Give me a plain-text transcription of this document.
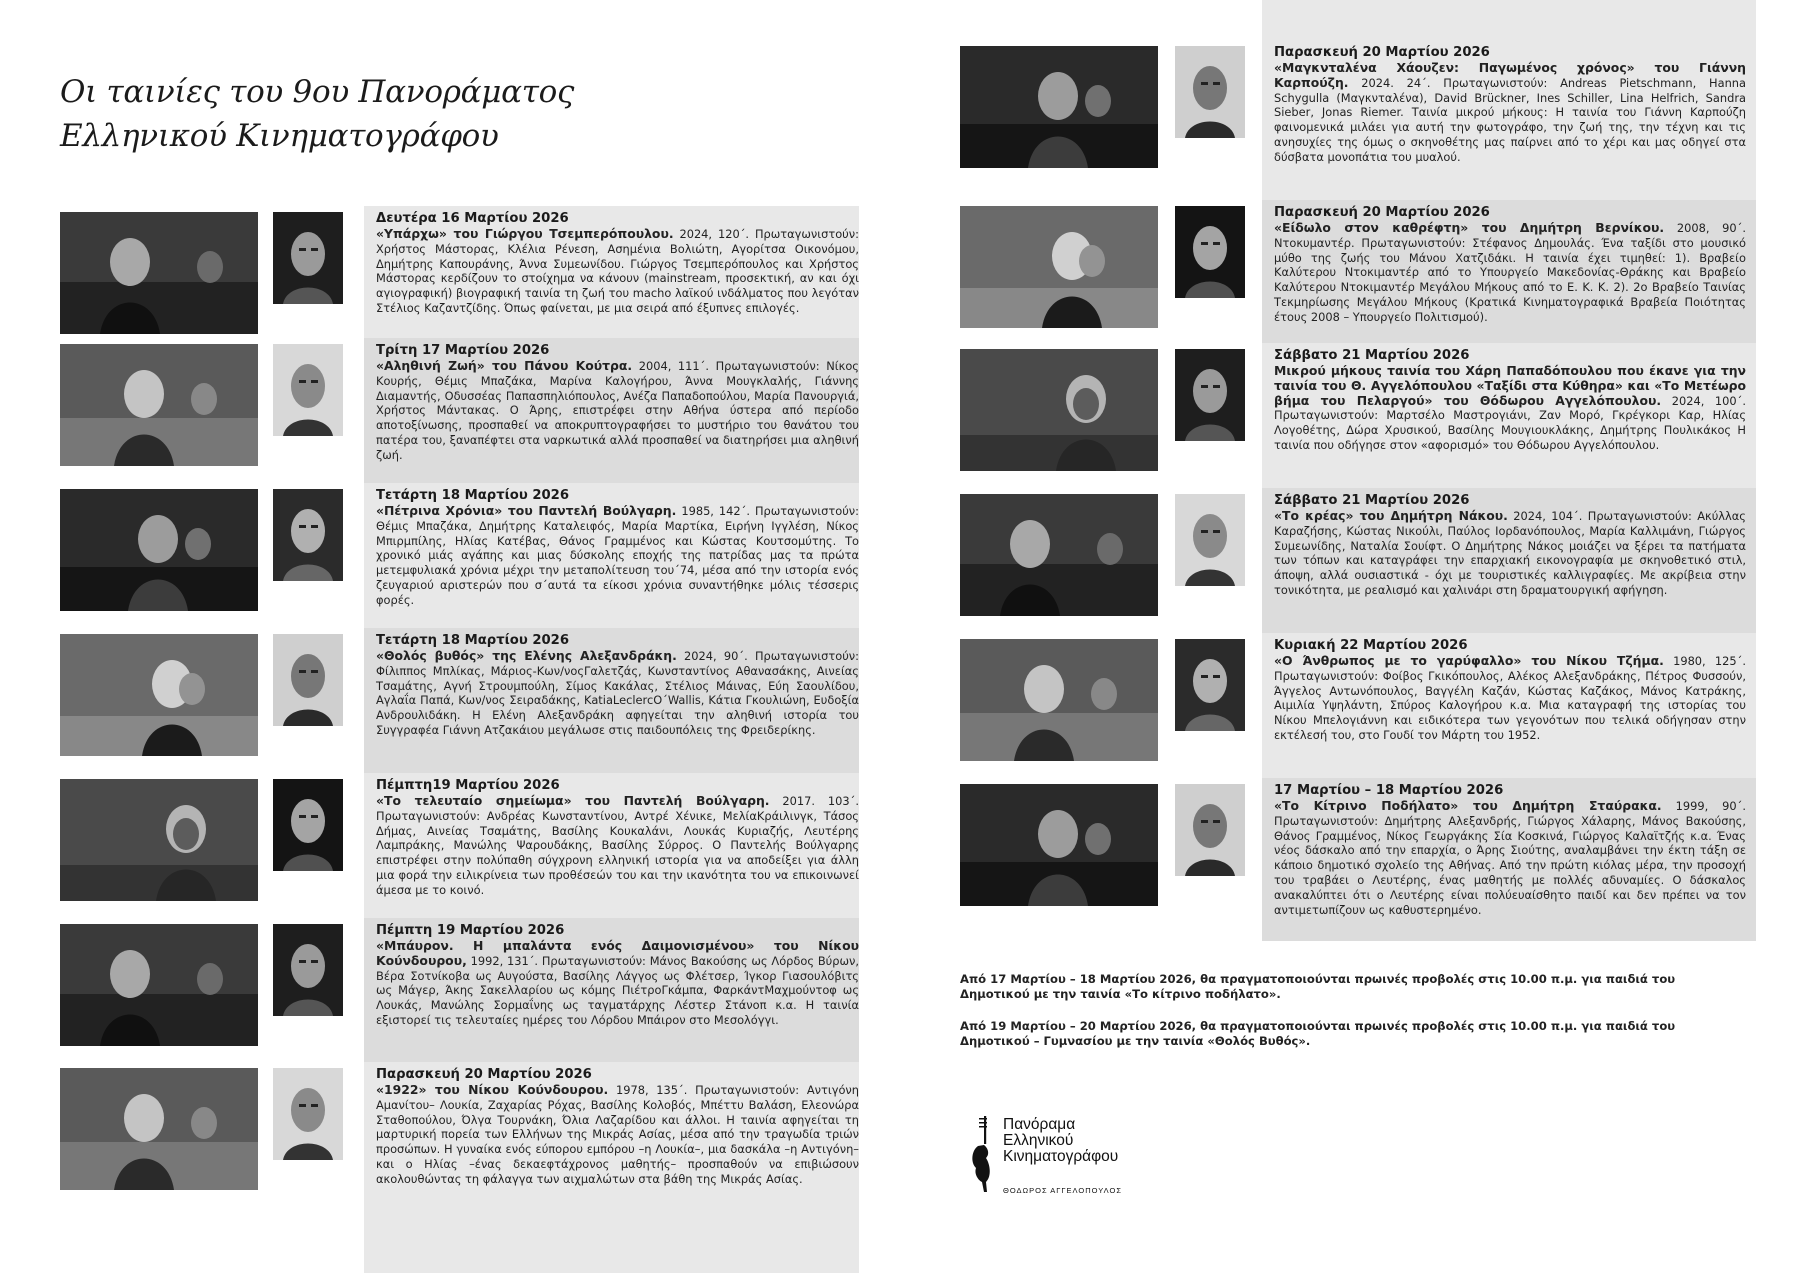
Οι ταινίες του 9ου Πανοράματος
Ελληνικού Κινηματογράφου
Δευτέρα 16 Μαρτίου 2026
«Υπάρχω» του Γιώργου Τσεμπερόπουλου. 2024, 120΄. Πρωταγωνιστούν: Χρήστος Μάστορας, Κλέλια Ρένεση, Ασημένια Βολιώτη, Αγορίτσα Οικονόμου, Δημήτρης Καπουράνης, Άννα Συμεωνίδου. Γιώργος Τσεμπερόπουλος και Χρήστος Μάστορας κερδίζουν το στοίχημα να κάνουν (mainstream, προσεκτική, αν και όχι αγιογραφική) βιογραφική ταινία τη ζωή του macho λαϊκού ινδάλματος που λεγόταν Στέλιος Καζαντζίδης. Όπως φαίνεται, με μια σειρά από έξυπνες επιλογές.
Τρίτη 17 Μαρτίου 2026
«Αληθινή Ζωή» του Πάνου Κούτρα. 2004, 111΄. Πρωταγωνιστούν: Νίκος Κουρής, Θέμις Μπαζάκα, Μαρίνα Καλογήρου, Άννα Μουγκλαλής, Γιάννης Διαμαντής, Οδυσσέας Παπασπηλιόπουλος, Ανέζα Παπαδοπούλου, Μαρία Πανουργιά, Χρήστος Μάντακας. Ο Άρης, επιστρέφει στην Αθήνα ύστερα από περίοδο αποτοξίνωσης, προσπαθεί να αποκρυπτογραφήσει το μυστήριο του θανάτου του πατέρα του, ξαναπέφτει στα ναρκωτικά αλλά προσπαθεί να διατηρήσει μια αληθινή ζωή.
Τετάρτη 18 Μαρτίου 2026
«Πέτρινα Χρόνια» του Παντελή Βούλγαρη. 1985, 142΄. Πρωταγωνιστούν: Θέμις Μπαζάκα, Δημήτρης Καταλειφός, Μαρία Μαρτίκα, Ειρήνη Ιγγλέση, Νίκος Μπιρμπίλης, Ηλίας Κατέβας, Θάνος Γραμμένος και Κώστας Κουτσομύτης. Το χρονικό μιάς αγάπης και μιας δύσκολης εποχής της πατρίδας μας τα πρώτα μετεμφυλιακά χρόνια μέχρι την μεταπολίτευση του΄74, μέσα από την ιστορία ενός ζευγαριού αριστερών που σ΄αυτά τα είκοσι χρόνια συναντήθηκε μόλις τέσσερις φορές.
Τετάρτη 18 Μαρτίου 2026
«Θολός βυθός» της Ελένης Αλεξανδράκη. 2024, 90΄. Πρωταγωνιστούν: Φίλιππος Μπλίκας, Μάριος-Κων/νοςΓαλετζάς, Κωνσταντίνος Αθανασάκης, Αινείας Τσαμάτης, Αγνή Στρουμπούλη, Σίμος Κακάλας, Στέλιος Μάινας, Εύη Σαουλίδου, Αγλαΐα Παπά, Κων/νος Σειραδάκης, KatiaLeclercO΄Wallis, Κάτια Γκουλιώνη, Ευδοξία Ανδρουλιδάκη. Η Ελένη Αλεξανδράκη αφηγείται την αληθινή ιστορία του Συγγραφέα Γιάννη Ατζακάιου μεγάλωσε στις παιδουπόλεις της Φρειδερίκης.
Πέμπτη19 Μαρτίου 2026
«Το τελευταίο σημείωμα» του Παντελή Βούλγαρη. 2017. 103΄. Πρωταγωνιστούν: Ανδρέας Κωνσταντίνου, Αντρέ Χένικε, ΜελίαΚράιλινγκ, Τάσος Δήμας, Αινείας Τσαμάτης, Βασίλης Κουκαλάνι, Λουκάς Κυριαζής, Λευτέρης Λαμπράκης, Μανώλης Ψαρουδάκης, Βασίλης Σύρρος. Ο Παντελής Βούλγαρης επιστρέφει στην πολύπαθη σύγχρονη ελληνική ιστορία για να αποδείξει για άλλη μια φορά την ειλικρίνεια των προθέσεών του και την ικανότητα του να επικοινωνεί άμεσα με το κοινό.
Πέμπτη 19 Μαρτίου 2026
«Μπάυρον. Η μπαλάντα ενός Δαιμονισμένου» του Νίκου Κούνδουρου, 1992, 131΄. Πρωταγωνιστούν: Μάνος Βακούσης ως Λόρδος Βύρων, Βέρα Σοτνίκοβα ως Αυγούστα, Βασίλης Λάγγος ως Φλέτσερ, Ίγκορ Γιασουλόβιτς ως Μάγερ, Άκης Σακελλαρίου ως κόμης ΠιέτροΓκάμπα, ΦαρκάντΜαχμούντοφ ως Λουκάς, Μανώλης Σορμαΐνης ως ταγματάρχης Λέστερ Στάνοπ κ.α. Η ταινία εξιστορεί τις τελευταίες ημέρες του Λόρδου Μπάιρον στο Μεσολόγγι.
Παρασκευή 20 Μαρτίου 2026
«1922» του Νίκου Κούνδουρου. 1978, 135΄. Πρωταγωνιστούν: Αντιγόνη Αμανίτου– Λουκία, Ζαχαρίας Ρόχας, Βασίλης Κολοβός, Μπέττυ Βαλάση, Ελεονώρα Σταθοπούλου, Όλγα Τουρνάκη, Όλια Λαζαρίδου και άλλοι. Η ταινία αφηγείται τη μαρτυρική πορεία των Ελλήνων της Μικράς Ασίας, μέσα από την τραγωδία τριών προσώπων. Η γυναίκα ενός εύπορου εμπόρου –η Λουκία–, μια δασκάλα –η Αντιγόνη– και ο Ηλίας –ένας δεκαεφτάχρονος μαθητής– προσπαθούν να επιβιώσουν ακολουθώντας τη φάλαγγα των αιχμαλώτων στα βάθη της Μικράς Ασίας.
Παρασκευή 20 Μαρτίου 2026
«Μαγκνταλένα Χάουζεν: Παγωμένος χρόνος» του Γιάννη Καρπούζη. 2024. 24΄. Πρωταγωνιστούν: Andreas Pietschmann, Hanna Schygulla (Μαγκνταλένα), David Brückner, Ines Schiller, Lina Helfrich, Sandra Sieber, Jonas Riemer. Ταινία μικρού μήκους: Η ταινία του Γιάννη Καρπούζη φαινομενικά μιλάει για αυτή την φωτογράφο, την ζωή της, την τέχνη και τις ανησυχίες της όμως ο σκηνοθέτης μας παίρνει από το χέρι και μας οδηγεί στα δύσβατα μονοπάτια του μυαλού.
Παρασκευή 20 Μαρτίου 2026
«Είδωλο στον καθρέφτη» του Δημήτρη Βερνίκου. 2008, 90΄. Ντοκυμαντέρ. Πρωταγωνιστούν: Στέφανος Δημουλάς. Ένα ταξίδι στο μουσικό μύθο της ζωής του Μάνου Χατζιδάκι. Η ταινία έχει τιμηθεί: 1). Βραβείο Καλύτερου Ντοκιμαντέρ από το Υπουργείο Μακεδονίας-Θράκης και Βραβείο Καλύτερου Ντοκιμαντέρ Μεγάλου Μήκους από το Ε. Κ. Κ. 2). 2ο Βραβείο Ταινίας Τεκμηρίωσης Μεγάλου Μήκους (Κρατικά Κινηματογραφικά Βραβεία Ποιότητας έτους 2008 – Υπουργείο Πολιτισμού).
Σάββατο 21 Μαρτίου 2026
Μικρού μήκους ταινία του Χάρη Παπαδόπουλου που έκανε για την ταινία του Θ. Αγγελόπουλου «Ταξίδι στα Κύθηρα» και «Το Μετέωρο βήμα του Πελαργού» του Θόδωρου Αγγελόπουλου. 2024, 100΄. Πρωταγωνιστούν: Μαρτσέλο Μαστρογιάνι, Ζαν Μορό, Γκρέγκορι Καρ, Ηλίας Λογοθέτης, Δώρα Χρυσικού, Βασίλης Μουγιουκλάκης, Δημήτρης Πουλικάκος Η ταινία που οδήγησε στον «αφορισμό» του Θόδωρου Αγγελόπουλου.
Σάββατο 21 Μαρτίου 2026
«Το κρέας» του Δημήτρη Νάκου. 2024, 104΄. Πρωταγωνιστούν: Ακύλλας Καραζήσης, Κώστας Νικούλι, Παύλος Ιορδανόπουλος, Μαρία Καλλιμάνη, Γιώργος Συμεωνίδης, Ναταλία Σουίφτ. Ο Δημήτρης Νάκος μοιάζει να ξέρει τα πατήματα των τόπων και καταγράφει την επαρχιακή εικονογραφία με σκηνοθετικό στιλ, άποψη, αλλά ουσιαστικά - όχι με τουριστικές καλλιγραφίες. Με ακρίβεια στην τονικότητα, με ρεαλισμό και χαλινάρι στη δραματουργική αφήγηση.
Κυριακή 22 Μαρτίου 2026
«Ο Άνθρωπος με το γαρύφαλλο» του Νίκου Τζήμα. 1980, 125΄. Πρωταγωνιστούν: Φοίβος Γκικόπουλος, Αλέκος Αλεξανδράκης, Πέτρος Φυσσούν, Άγγελος Αντωνόπουλος, Βαγγέλη Καζάν, Κώστας Καζάκος, Μάνος Κατράκης, Αιμιλία Υψηλάντη, Σπύρος Καλογήρου κ.α. Μια καταγραφή της ιστορίας του Νίκου Μπελογιάννη και ειδικότερα των γεγονότων που τελικά οδήγησαν στην εκτέλεσή του, στο Γουδί τον Μάρτη του 1952.
17 Μαρτίου – 18 Μαρτίου 2026
«Το Κίτρινο Ποδήλατο» του Δημήτρη Σταύρακα. 1999, 90΄. Πρωταγωνιστούν: Δημήτρης Αλεξανδρής, Γιώργος Χάλαρης, Μάνος Βακούσης, Θάνος Γραμμένος, Νίκος Γεωργάκης Σία Κοσκινά, Γιώργος Καλαϊτζής κ.α. Ένας νέος δάσκαλο από την επαρχία, ο Άρης Σιούτης, αναλαμβάνει την έκτη τάξη σε κάποιο δημοτικό σχολείο της Αθήνας. Από την πρώτη κιόλας μέρα, την προσοχή του τραβάει ο Λευτέρης, ένας μαθητής με πολλές αδυναμίες. Ο δάσκαλος ανακαλύπτει ότι ο Λευτέρης είναι πολύευαίσθητο παιδί και δεν πρέπει να τον αντιμετωπίζουν ως καθυστερημένο.

Από 17 Μαρτίου – 18 Μαρτίου 2026, θα πραγματοποιούνται πρωινές προβολές στις 10.00 π.μ. για παιδιά του Δημοτικού με την ταινία «Το κίτρινο ποδήλατο».

Από 19 Μαρτίου – 20 Μαρτίου 2026, θα πραγματοποιούνται πρωινές προβολές στις 10.00 π.μ. για παιδιά του Δημοτικού – Γυμνασίου με την ταινία «Θολός Βυθός».

Πανόραμα
Ελληνικού
Κινηματογράφου
ΘΟΔΩΡΟΣ ΑΓΓΕΛΟΠΟΥΛΟΣ
